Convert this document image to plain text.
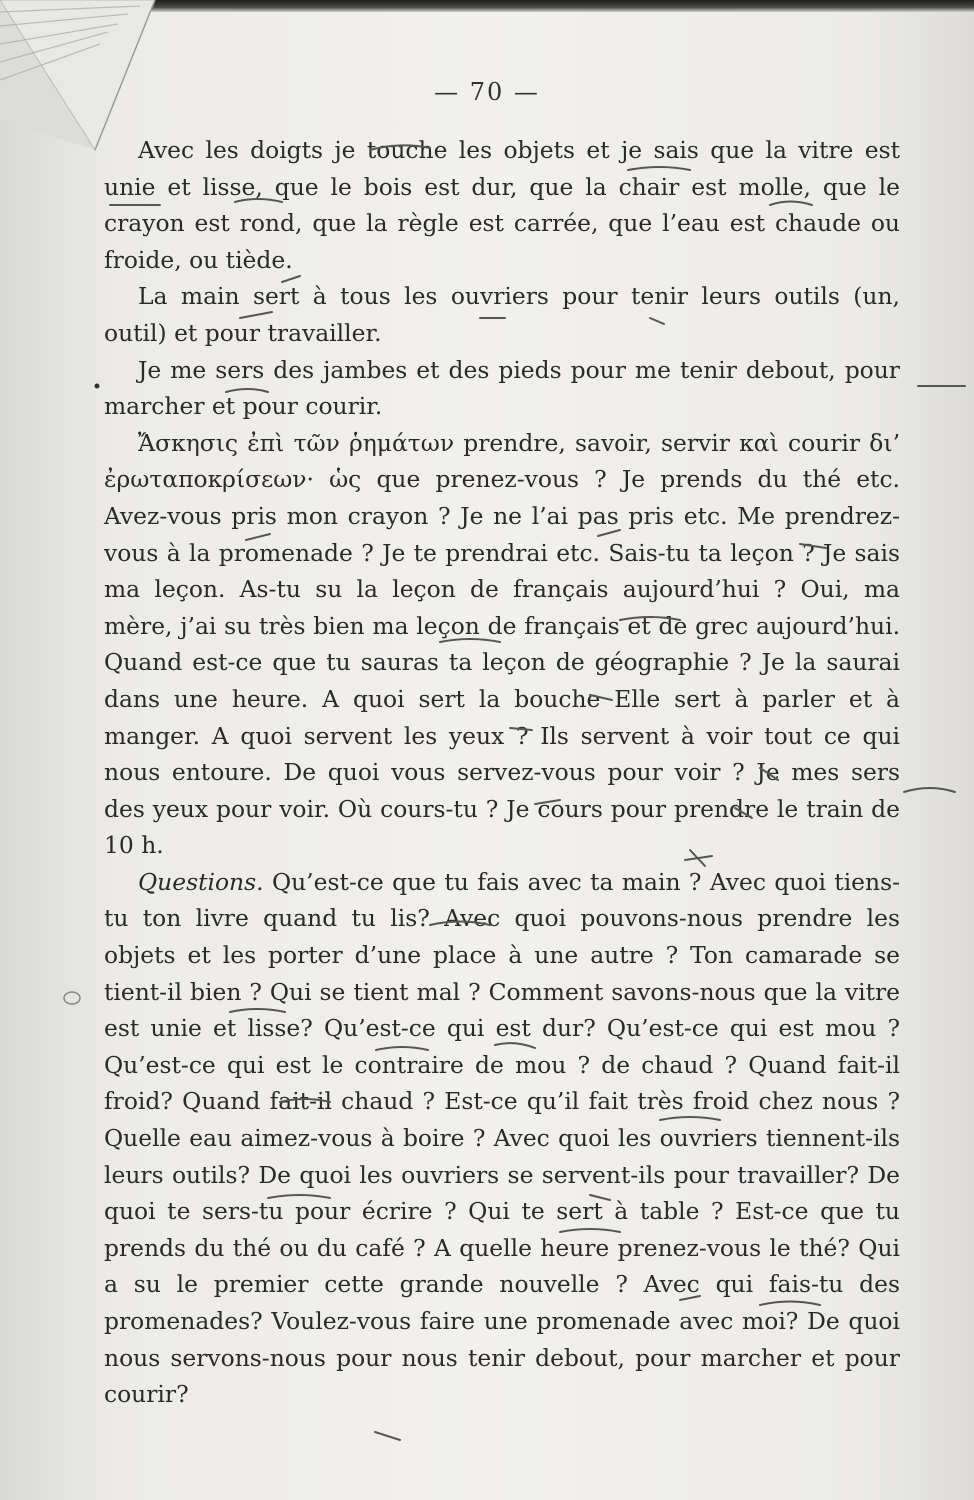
— 70 —

Avec les doigts je touche les objets et je sais que la vitre est unie et lisse, que le bois est dur, que la chair est molle, que le crayon est rond, que la règle est carrée, que l’eau est chaude ou froide, ou tiède.

La main sert à tous les ouvriers pour tenir leurs outils (un, outil) et pour travailler.

Je me sers des jambes et des pieds pour me tenir debout, pour marcher et pour courir.

Ἄσκησις ἐπὶ τῶν ῥημάτων prendre, savoir, servir καὶ courir δι’ ἐρωταποκρίσεων· ὡς que prenez-vous ? Je prends du thé etc. Avez-vous pris mon crayon ? Je ne l’ai pas pris etc. Me prendrez-vous à la promenade ? Je te prendrai etc. Sais-tu ta leçon ? Je sais ma leçon. As-tu su la leçon de français aujourd’hui ? Oui, ma mère, j’ai su très bien ma leçon de français et de grec aujourd’hui. Quand est-ce que tu sauras ta leçon de géographie ? Je la saurai dans une heure. A quoi sert la bouche Elle sert à parler et à manger. A quoi servent les yeux ? Ils servent à voir tout ce qui nous entoure. De quoi vous servez-vous pour voir ? Je mes sers des yeux pour voir. Où cours-tu ? Je cours pour prendre le train de 10 h.

Questions. Qu’est-ce que tu fais avec ta main ? Avec quoi tiens-tu ton livre quand tu lis? Avec quoi pouvons-nous prendre les objets et les porter d’une place à une autre ? Ton camarade se tient-il bien ? Qui se tient mal ? Comment savons-nous que la vitre est unie et lisse? Qu’est-ce qui est dur? Qu’est-ce qui est mou ? Qu’est-ce qui est le contraire de mou ? de chaud ? Quand fait-il froid? Quand fait-il chaud ? Est-ce qu’il fait très froid chez nous ? Quelle eau aimez-vous à boire ? Avec quoi les ouvriers tiennent-ils leurs outils? De quoi les ouvriers se servent-ils pour travailler? De quoi te sers-tu pour écrire ? Qui te sert à table ? Est-ce que tu prends du thé ou du café ? A quelle heure prenez-vous le thé? Qui a su le premier cette grande nouvelle ? Avec qui fais-tu des promenades? Voulez-vous faire une promenade avec moi? De quoi nous servons-nous pour nous tenir debout, pour marcher et pour courir?
